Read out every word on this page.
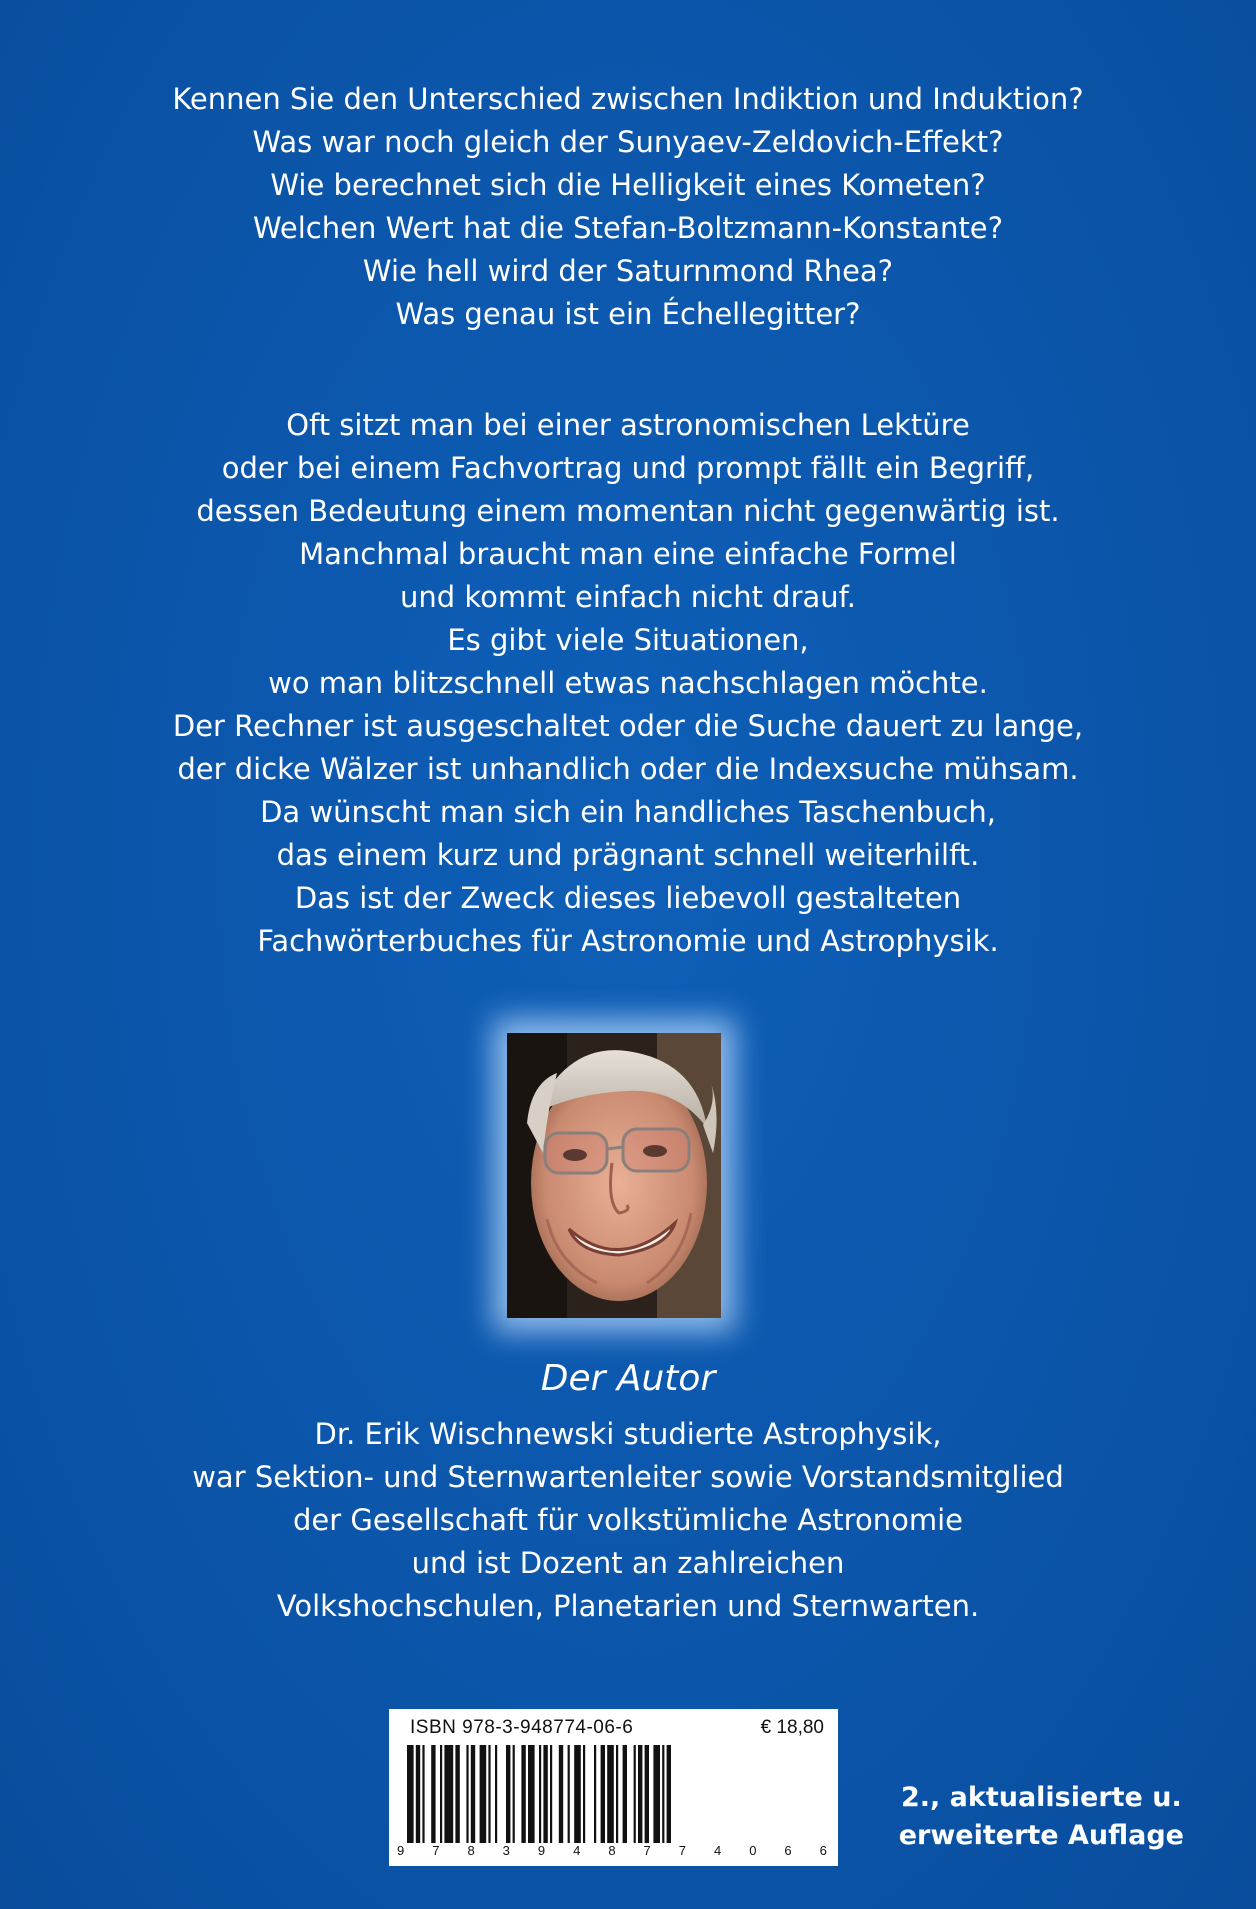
Kennen Sie den Unterschied zwischen Indiktion und Induktion?
Was war noch gleich der Sunyaev-Zeldovich-Effekt?
Wie berechnet sich die Helligkeit eines Kometen?
Welchen Wert hat die Stefan-Boltzmann-Konstante?
Wie hell wird der Saturnmond Rhea?
Was genau ist ein Échellegitter?
Oft sitzt man bei einer astronomischen Lektüre
oder bei einem Fachvortrag und prompt fällt ein Begriff,
dessen Bedeutung einem momentan nicht gegenwärtig ist.
Manchmal braucht man eine einfache Formel
und kommt einfach nicht drauf.
Es gibt viele Situationen,
wo man blitzschnell etwas nachschlagen möchte.
Der Rechner ist ausgeschaltet oder die Suche dauert zu lange,
der dicke Wälzer ist unhandlich oder die Indexsuche mühsam.
Da wünscht man sich ein handliches Taschenbuch,
das einem kurz und prägnant schnell weiterhilft.
Das ist der Zweck dieses liebevoll gestalteten
Fachwörterbuches für Astronomie und Astrophysik.
Der Autor
Dr. Erik Wischnewski studierte Astrophysik,
war Sektion- und Sternwartenleiter sowie Vorstandsmitglied
der Gesellschaft für volkstümliche Astronomie
und ist Dozent an zahlreichen
Volkshochschulen, Planetarien und Sternwarten.
ISBN 978-3-948774-06-6	€ 18,80
9 7 8 3 9 4 8 7 7 4 0 6 6
2., aktualisierte u.
erweiterte Auflage
